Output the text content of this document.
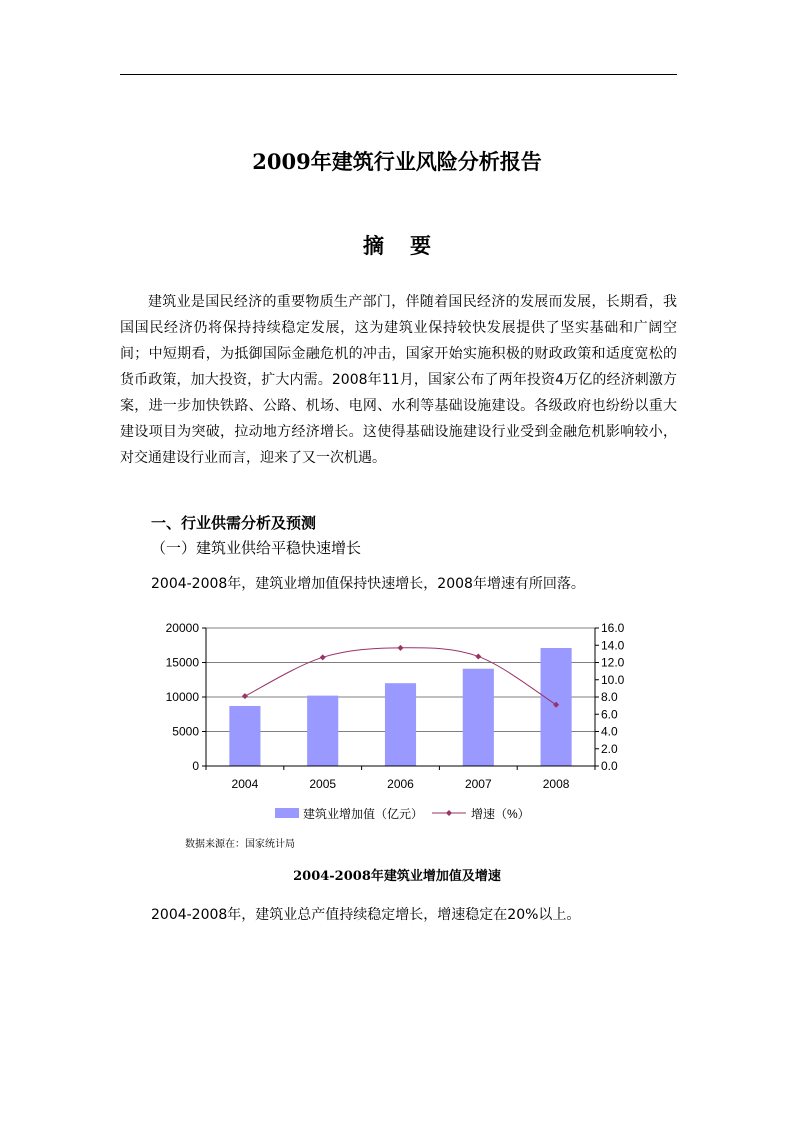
2009年建筑行业风险分析报告
摘要
建筑业是国民经济的重要物质生产部门，伴随着国民经济的发展而发展，长期看，我国国民经济仍将保持持续稳定发展，这为建筑业保持较快发展提供了坚实基础和广阔空间；中短期看，为抵御国际金融危机的冲击，国家开始实施积极的财政政策和适度宽松的货币政策，加大投资，扩大内需。2008年11月，国家公布了两年投资4万亿的经济刺激方案，进一步加快铁路、公路、机场、电网、水利等基础设施建设。各级政府也纷纷以重大建设项目为突破，拉动地方经济增长。这使得基础设施建设行业受到金融危机影响较小，对交通建设行业而言，迎来了又一次机遇。
一、行业供需分析及预测
（一）建筑业供给平稳快速增长
2004-2008年，建筑业增加值保持快速增长，2008年增速有所回落。
0
5000
10000
15000
20000
0.0
2.0
4.0
6.0
8.0
10.0
12.0
14.0
16.0
2004	2005	2006	2007	2008
建筑业增加值（亿元）	增速（%）
数据来源在：国家统计局
2004-2008年建筑业增加值及增速
2004-2008年，建筑业总产值持续稳定增长，增速稳定在20%以上。
